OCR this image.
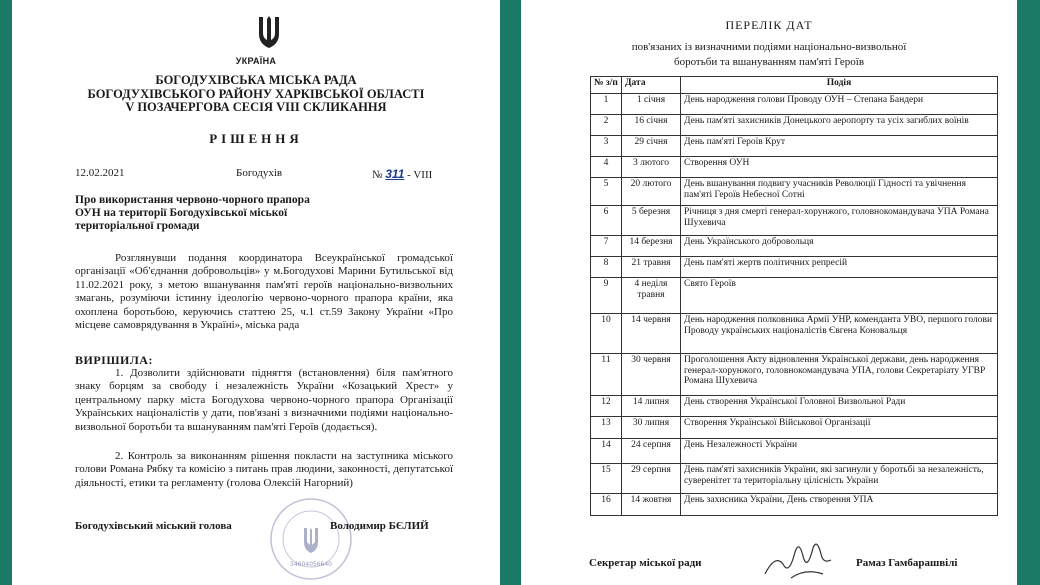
УКРАЇНА
БОГОДУХІВСЬКА МІСЬКА РАДА
БОГОДУХІВСЬКОГО РАЙОНУ ХАРКІВСЬКОЇ ОБЛАСТІ
V ПОЗАЧЕРГОВА СЕСІЯ VIII СКЛИКАННЯ
РІШЕННЯ
12.02.2021	Богодухів	№ 311 - VIII
Про використання червоно-чорного прапора
ОУН на території Богодухівської міської
територіальної громади
Розглянувши подання координатора Всеукраїнської громадської організації «Об'єднання добровольців» у м.Богодухові Марини Бутильської від 11.02.2021 року, з метою вшанування пам'яті героїв національно-визвольних змагань, розуміючи істинну ідеологію червоно-чорного прапора країни, яка охоплена боротьбою, керуючись статтею 25, ч.1 ст.59 Закону України «Про місцеве самоврядування в Україні», міська рада
ВИРІШИЛА:
1. Дозволити здійснювати підняття (встановлення) біля пам'ятного знаку борцям за свободу і незалежність України «Козацький Хрест» у центральному парку міста Богодухова червоно-чорного прапора Організації Українських націоналістів у дати, пов'язані з визначними подіями національно-визвольної боротьби та вшануванням пам'яті Героїв (додається).
2. Контроль за виконанням рішення покласти на заступника міського голови Романа Рябку та комісію з питань прав людини, законності, депутатської діяльності, етики та регламенту (голова Олексій Нагорний)
34604056640
Богодухівський міський голова	Володимир БЄЛИЙ
ПЕРЕЛІК ДАТ
пов'язаних із визначними подіями національно-визвольної
боротьби та вшануванням пам'яті Героїв
№ з/п	Дата	Подія
1	1 січня	День народження голови Проводу ОУН – Степана Бандери
2	16 січня	День пам'яті захисників Донецького аеропорту та усіх загиблих воїнів
3	29 січня	День пам'яті Героїв Крут
4	3 лютого	Створення ОУН
5	20 лютого	День вшанування подвигу учасників Революції Гідності та увічнення пам'яті Героїв Небесної Сотні
6	5 березня	Річниця з дня смерті генерал-хорунжого, головнокомандувача УПА Романа Шухевича
7	14 березня	День Українського добровольця
8	21 травня	День пам'яті жертв політичних репресій
9	4 неділя травня	Свято Героїв
10	14 червня	День народження полковника Армії УНР, коменданта УВО, першого голови Проводу українських націоналістів Євгена Коновальця
11	30 червня	Проголошення Акту відновлення Української держави, день народження генерал-хорунжого, головнокомандувача УПА, голови Секретаріату УГВР Романа Шухевича
12	14 липня	День створення Української Головної Визвольної Ради
13	30 липня	Створення Української Військової Організації
14	24 серпня	День Незалежності України
15	29 серпня	День пам'яті захисників України, які загинули у боротьбі за незалежність, суверенітет та територіальну цілісність України
16	14 жовтня	День захисника України, День створення УПА
Секретар міської ради	Рамаз Гамбарашвілі
